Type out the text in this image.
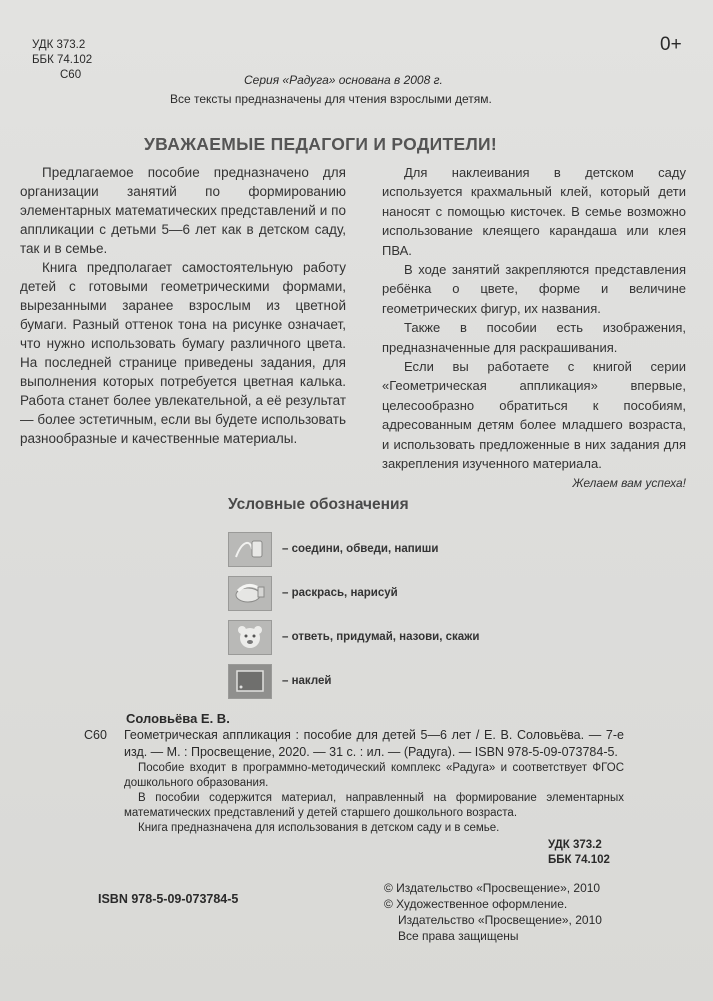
УДК 373.2
ББК 74.102
С60
0+
Серия «Радуга» основана в 2008 г.
Все тексты предназначены для чтения взрослыми детям.
УВАЖАЕМЫЕ ПЕДАГОГИ И РОДИТЕЛИ!

Предлагаемое пособие предназначено для организации занятий по формированию элементарных математических представлений и по аппликации с детьми 5—6 лет как в детском саду, так и в семье.

Книга предполагает самостоятельную работу детей с готовыми геометрическими формами, вырезанными заранее взрослым из цветной бумаги. Разный оттенок тона на рисунке означает, что нужно использовать бумагу различного цвета. На последней странице приведены задания, для выполнения которых потребуется цветная калька. Работа станет более увлекательной, а её результат — более эстетичным, если вы будете использовать разнообразные и качественные материалы.

Для наклеивания в детском саду используется крахмальный клей, который дети наносят с помощью кисточек. В семье возможно использование клеящего карандаша или клея ПВА.

В ходе занятий закрепляются представления ребёнка о цвете, форме и величине геометрических фигур, их названия.

Также в пособии есть изображения, предназначенные для раскрашивания.

Если вы работаете с книгой серии «Геометрическая аппликация» впервые, целесообразно обратиться к пособиям, адресованным детям более младшего возраста, и использовать предложенные в них задания для закрепления изученного материала.

Желаем вам успеха!

Условные обозначения
– соедини, обведи, напиши
– раскрась, нарисуй
– ответь, придумай, назови, скажи
– наклей
Соловьёва Е. В.
С60	Геометрическая аппликация : пособие для детей 5—6 лет / Е. В. Соловьёва. — 7-е изд. — М. : Просвещение, 2020. — 31 с. : ил. — (Радуга). — ISBN 978-5-09-073784-5.

Пособие входит в программно-методический комплекс «Радуга» и соответствует ФГОС дошкольного образования.

В пособии содержится материал, направленный на формирование элементарных математических представлений у детей старшего дошкольного возраста.

Книга предназначена для использования в детском саду и в семье.

УДК 373.2
ББК 74.102
ISBN 978-5-09-073784-5
© Издательство «Просвещение», 2010
© Художественное оформление.
Издательство «Просвещение», 2010
Все права защищены
